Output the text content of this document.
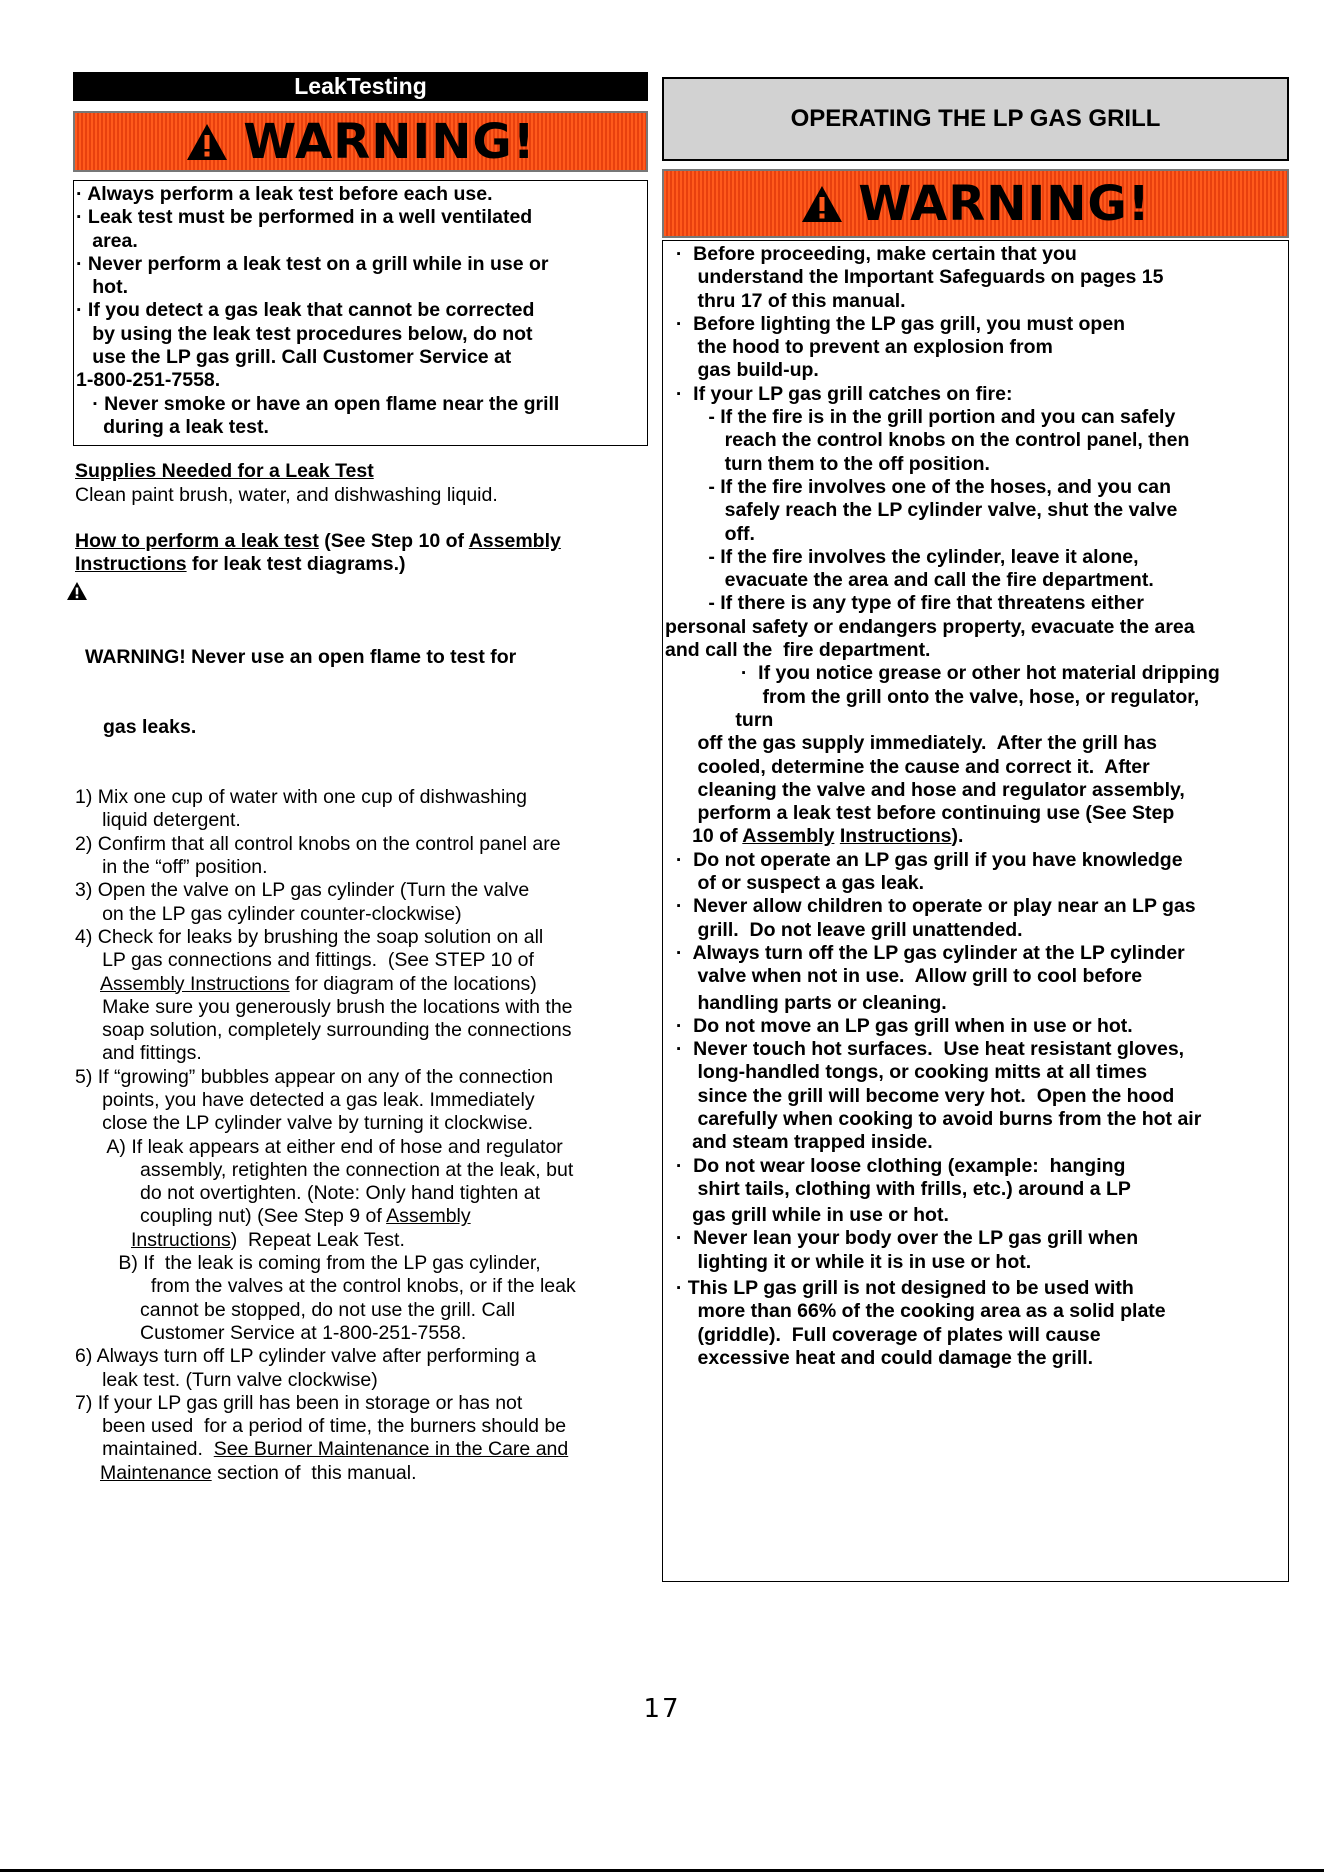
LeakTesting
WARNING!
· Always perform a leak test before each use.
· Leak test must be performed in a well ventilated
area.
· Never perform a leak test on a grill while in use or
hot.
· If you detect a gas leak that cannot be corrected
by using the leak test procedures below, do not
use the LP gas grill. Call Customer Service at
1-800-251-7558.
· Never smoke or have an open flame near the grill
during a leak test.
Supplies Needed for a Leak Test
Clean paint brush, water, and dishwashing liquid.
How to perform a leak test (See Step 10 of Assembly
Instructions for leak test diagrams.)

WARNING! Never use an open flame to test for

gas leaks.

1) Mix one cup of water with one cup of dishwashing
liquid detergent.
2) Confirm that all control knobs on the control panel are
in the “off” position.
3) Open the valve on LP gas cylinder (Turn the valve
on the LP gas cylinder counter-clockwise)
4) Check for leaks by brushing the soap solution on all
LP gas connections and fittings.  (See STEP 10 of
Assembly Instructions for diagram of the locations)
Make sure you generously brush the locations with the
soap solution, completely surrounding the connections
and fittings.
5) If “growing” bubbles appear on any of the connection
points, you have detected a gas leak. Immediately
close the LP cylinder valve by turning it clockwise.
A) If leak appears at either end of hose and regulator
assembly, retighten the connection at the leak, but
do not overtighten. (Note: Only hand tighten at
coupling nut) (See Step 9 of Assembly
Instructions)  Repeat Leak Test.
B) If  the leak is coming from the LP gas cylinder,
from the valves at the control knobs, or if the leak
cannot be stopped, do not use the grill. Call
Customer Service at 1-800-251-7558.
6) Always turn off LP cylinder valve after performing a
leak test. (Turn valve clockwise)
7) If your LP gas grill has been in storage or has not
been used  for a period of time, the burners should be
maintained.  See Burner Maintenance in the Care and
Maintenance section of  this manual.
OPERATING THE LP GAS GRILL
WARNING!
·  Before proceeding, make certain that you
understand the Important Safeguards on pages 15
thru 17 of this manual.
·  Before lighting the LP gas grill, you must open
the hood to prevent an explosion from
gas build-up.
·  If your LP gas grill catches on fire:
- If the fire is in the grill portion and you can safely
reach the control knobs on the control panel, then
turn them to the off position.
- If the fire involves one of the hoses, and you can
safely reach the LP cylinder valve, shut the valve
off.
- If the fire involves the cylinder, leave it alone,
evacuate the area and call the fire department.
- If there is any type of fire that threatens either
personal safety or endangers property, evacuate the area
and call the  fire department.
·  If you notice grease or other hot material dripping
from the grill onto the valve, hose, or regulator,
turn
off the gas supply immediately.  After the grill has
cooled, determine the cause and correct it.  After
cleaning the valve and hose and regulator assembly,
perform a leak test before continuing use (See Step
10 of Assembly Instructions).
·  Do not operate an LP gas grill if you have knowledge
of or suspect a gas leak.
·  Never allow children to operate or play near an LP gas
grill.  Do not leave grill unattended.
·  Always turn off the LP gas cylinder at the LP cylinder
valve when not in use.  Allow grill to cool before
handling parts or cleaning.
·  Do not move an LP gas grill when in use or hot.
·  Never touch hot surfaces.  Use heat resistant gloves,
long-handled tongs, or cooking mitts at all times
since the grill will become very hot.  Open the hood
carefully when cooking to avoid burns from the hot air
and steam trapped inside.
·  Do not wear loose clothing (example:  hanging
shirt tails, clothing with frills, etc.) around a LP
gas grill while in use or hot.
·  Never lean your body over the LP gas grill when
lighting it or while it is in use or hot.
· This LP gas grill is not designed to be used with
more than 66% of the cooking area as a solid plate
(griddle).  Full coverage of plates will cause
excessive heat and could damage the grill.
17
